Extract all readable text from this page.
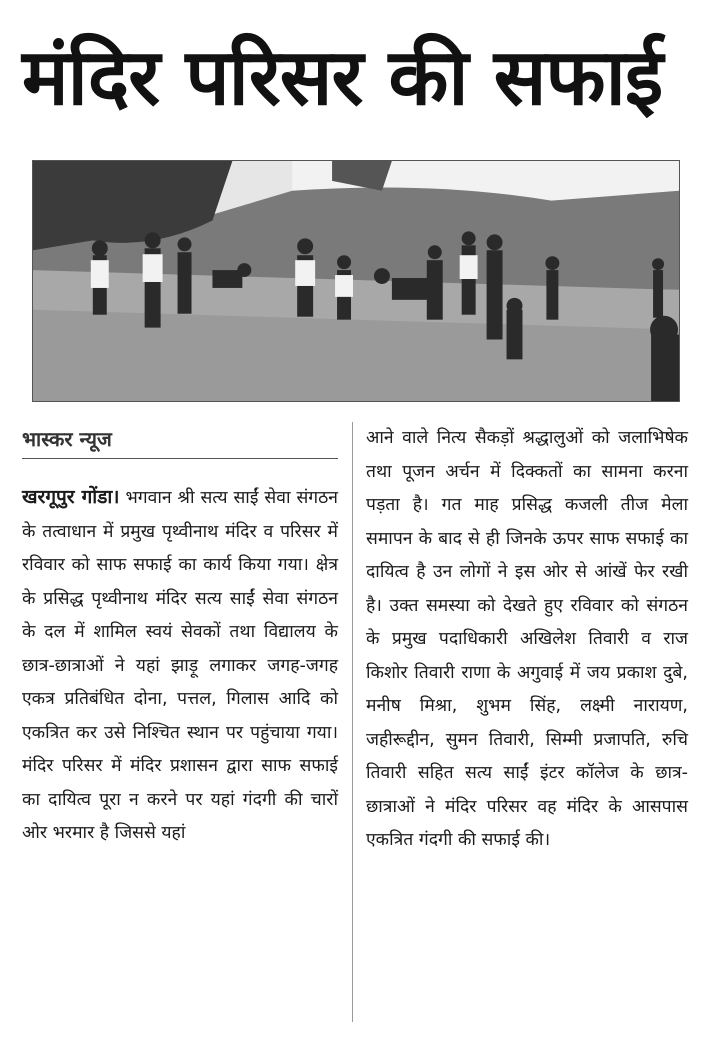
मंदिर परिसर की सफाई
भास्कर न्यूज

खरगूपुर गोंडा। भगवान श्री सत्य साईं सेवा संगठन के तत्वाधान में प्रमुख पृथ्वीनाथ मंदिर व परिसर में रविवार को साफ सफाई का कार्य किया गया। क्षेत्र के प्रसिद्ध पृथ्वीनाथ मंदिर सत्य साईं सेवा संगठन के दल में शामिल स्वयं सेवकों तथा विद्यालय के छात्र-छात्राओं ने यहां झाड़ू लगाकर जगह-जगह एकत्र प्रतिबंधित दोना, पत्तल, गिलास आदि को एकत्रित कर उसे निश्चित स्थान पर पहुंचाया गया। मंदिर परिसर में मंदिर प्रशासन द्वारा साफ सफाई का दायित्व पूरा न करने पर यहां गंदगी की चारों ओर भरमार है जिससे यहां

आने वाले नित्य सैकड़ों श्रद्धालुओं को जलाभिषेक तथा पूजन अर्चन में दिक्कतों का सामना करना पड़ता है। गत माह प्रसिद्ध कजली तीज मेला समापन के बाद से ही जिनके ऊपर साफ सफाई का दायित्व है उन लोगों ने इस ओर से आंखें फेर रखी है। उक्त समस्या को देखते हुए रविवार को संगठन के प्रमुख पदाधिकारी अखिलेश तिवारी व राज किशोर तिवारी राणा के अगुवाई में जय प्रकाश दुबे, मनीष मिश्रा, शुभम सिंह, लक्ष्मी नारायण, जहीरूद्दीन, सुमन तिवारी, सिम्मी प्रजापति, रुचि तिवारी सहित सत्य साईं इंटर कॉलेज के छात्र-छात्राओं ने मंदिर परिसर वह मंदिर के आसपास एकत्रित गंदगी की सफाई की।
